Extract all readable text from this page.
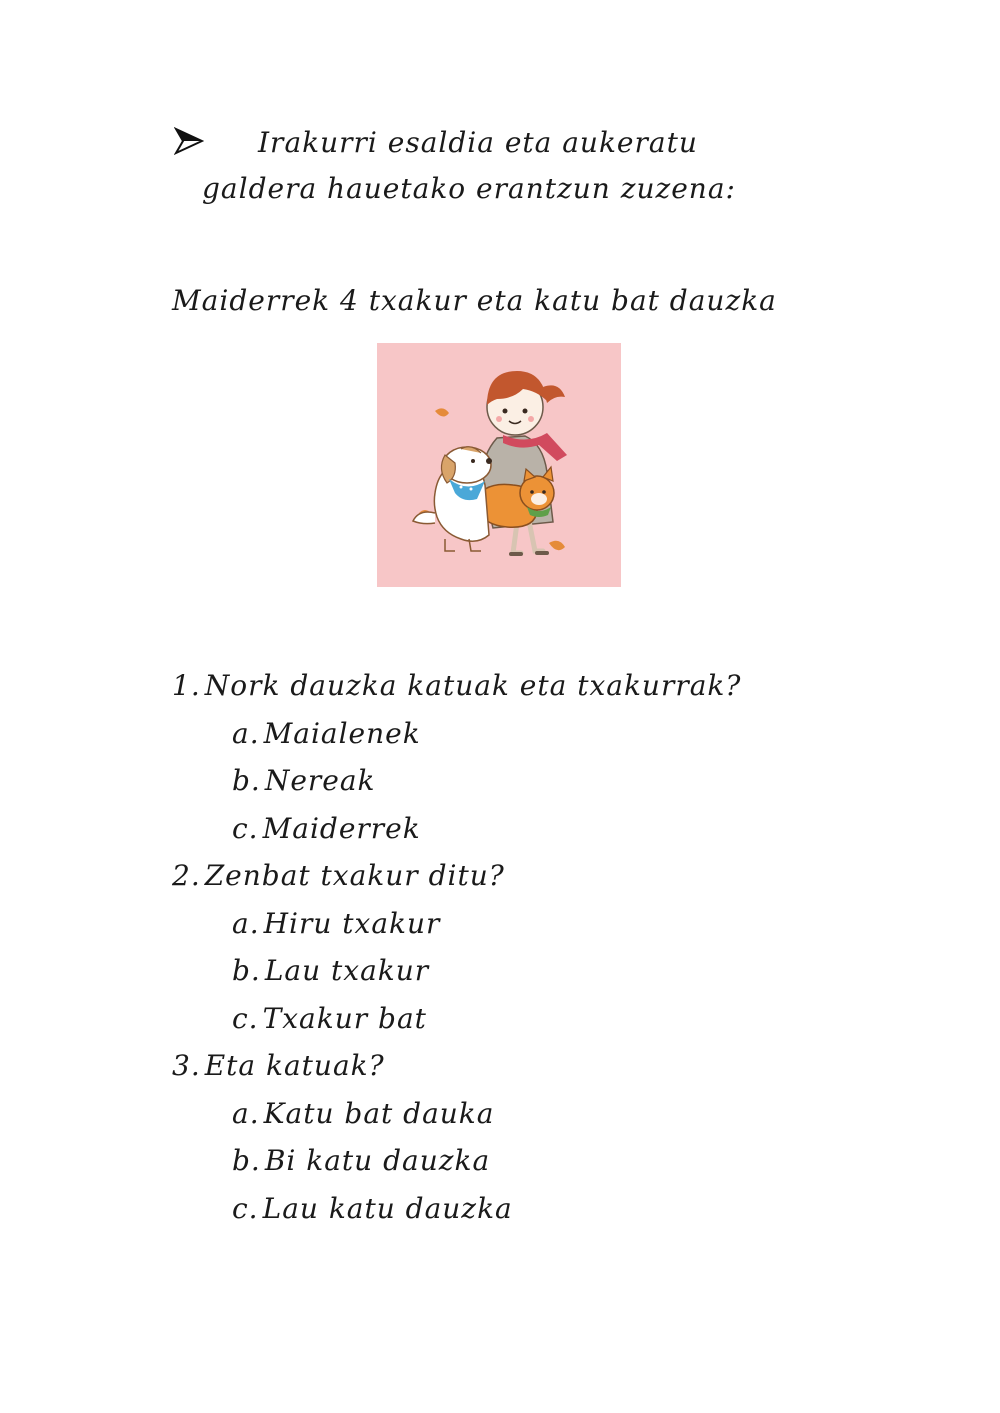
Irakurri esaldia eta aukeratu
galdera hauetako erantzun zuzena:
Maiderrek 4 txakur eta katu bat dauzka
1. Nork dauzka katuak eta txakurrak?
a. Maialenek
b. Nereak
c. Maiderrek
2. Zenbat txakur ditu?
a. Hiru txakur
b. Lau txakur
c. Txakur bat
3. Eta katuak?
a. Katu bat dauka
b. Bi katu dauzka
c. Lau katu dauzka
